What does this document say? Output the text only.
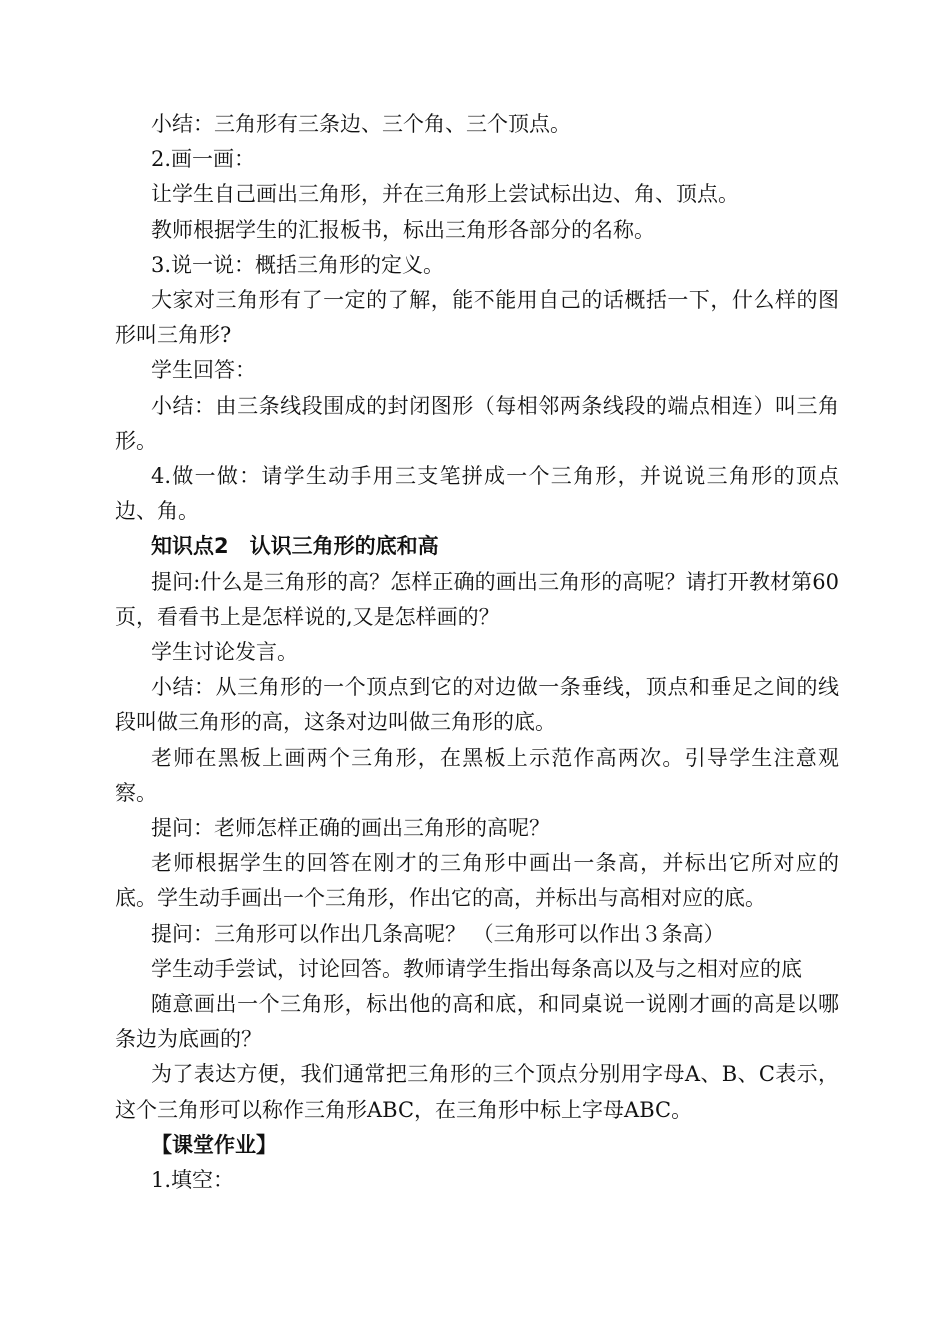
小结：三角形有三条边、三个角、三个顶点。

2.画一画：

让学生自己画出三角形，并在三角形上尝试标出边、角、顶点。

教师根据学生的汇报板书，标出三角形各部分的名称。

3.说一说：概括三角形的定义。

大家对三角形有了一定的了解，能不能用自己的话概括一下，什么样的图形叫三角形?

学生回答：

小结：由三条线段围成的封闭图形（每相邻两条线段的端点相连）叫三角形。

4.做一做：请学生动手用三支笔拼成一个三角形，并说说三角形的顶点边、角。

知识点2　认识三角形的底和高

提问:什么是三角形的高？怎样正确的画出三角形的高呢？请打开教材第60页，看看书上是怎样说的,又是怎样画的？

学生讨论发言。

小结：从三角形的一个顶点到它的对边做一条垂线，顶点和垂足之间的线段叫做三角形的高，这条对边叫做三角形的底。

老师在黑板上画两个三角形，在黑板上示范作高两次。引导学生注意观察。

提问：老师怎样正确的画出三角形的高呢？

老师根据学生的回答在刚才的三角形中画出一条高，并标出它所对应的底。学生动手画出一个三角形，作出它的高，并标出与高相对应的底。

提问：三角形可以作出几条高呢？ （三角形可以作出３条高）

学生动手尝试，讨论回答。教师请学生指出每条高以及与之相对应的底

随意画出一个三角形，标出他的高和底，和同桌说一说刚才画的高是以哪条边为底画的？

为了表达方便，我们通常把三角形的三个顶点分别用字母A、B、C表示，这个三角形可以称作三角形ABC，在三角形中标上字母ABC。

【课堂作业】

1.填空：
